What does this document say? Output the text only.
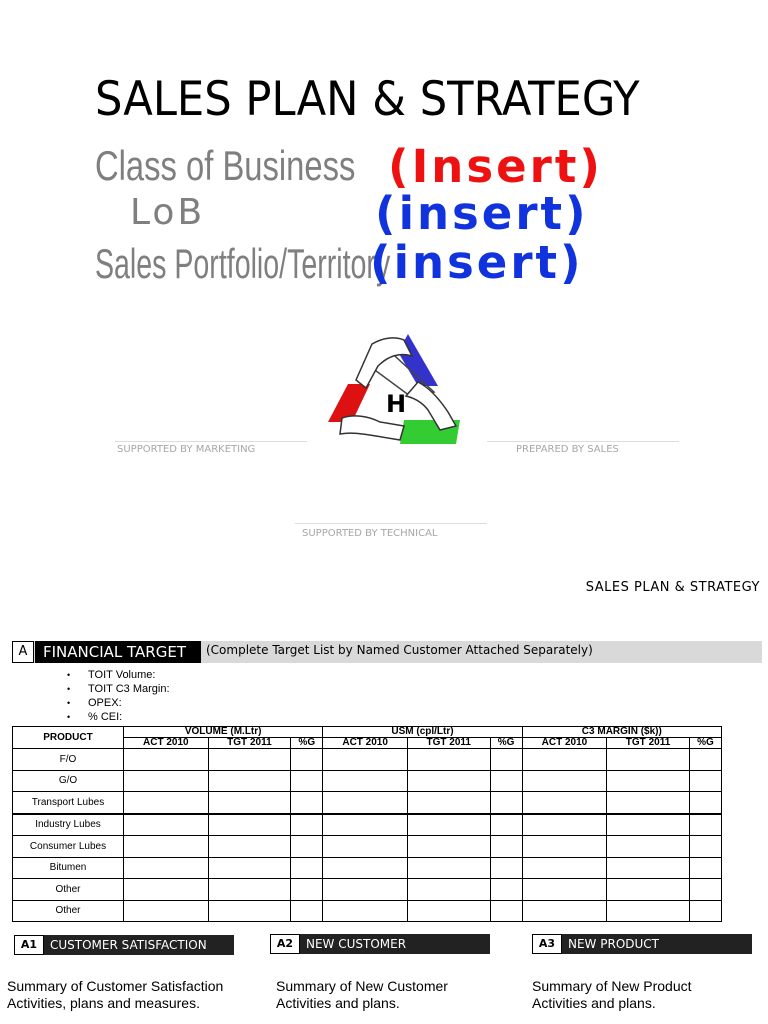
SALES PLAN & STRATEGY
Class of Business (Insert)
LoB	(insert)
Sales Portfolio/Territory
(insert)
H
SUPPORTED BY MARKETING	PREPARED BY SALES
SUPPORTED BY TECHNICAL
SALES PLAN & STRATEGY
A	FINANCIAL TARGET	(Complete Target List by Named Customer Attached Separately)
• TOIT Volume:
• TOIT C3 Margin:
• OPEX:
• % CEI:
PRODUCT	VOLUME (M.Ltr)			USM (cpl/Ltr)			C3 MARGIN ($k))		
	ACT 2010	TGT 2011	%G	ACT 2010	TGT 2011	%G	ACT 2010	TGT 2011	%G
F/O									
G/O									
Transport Lubes									
Industry Lubes									
Consumer Lubes									
Bitumen									
Other									
Other									
A1	CUSTOMER SATISFACTION
Summary of Customer Satisfaction
Activities, plans and measures.
A2	NEW CUSTOMER
Summary of New Customer
Activities and plans.
A3	NEW PRODUCT
Summary of New Product
Activities and plans.
